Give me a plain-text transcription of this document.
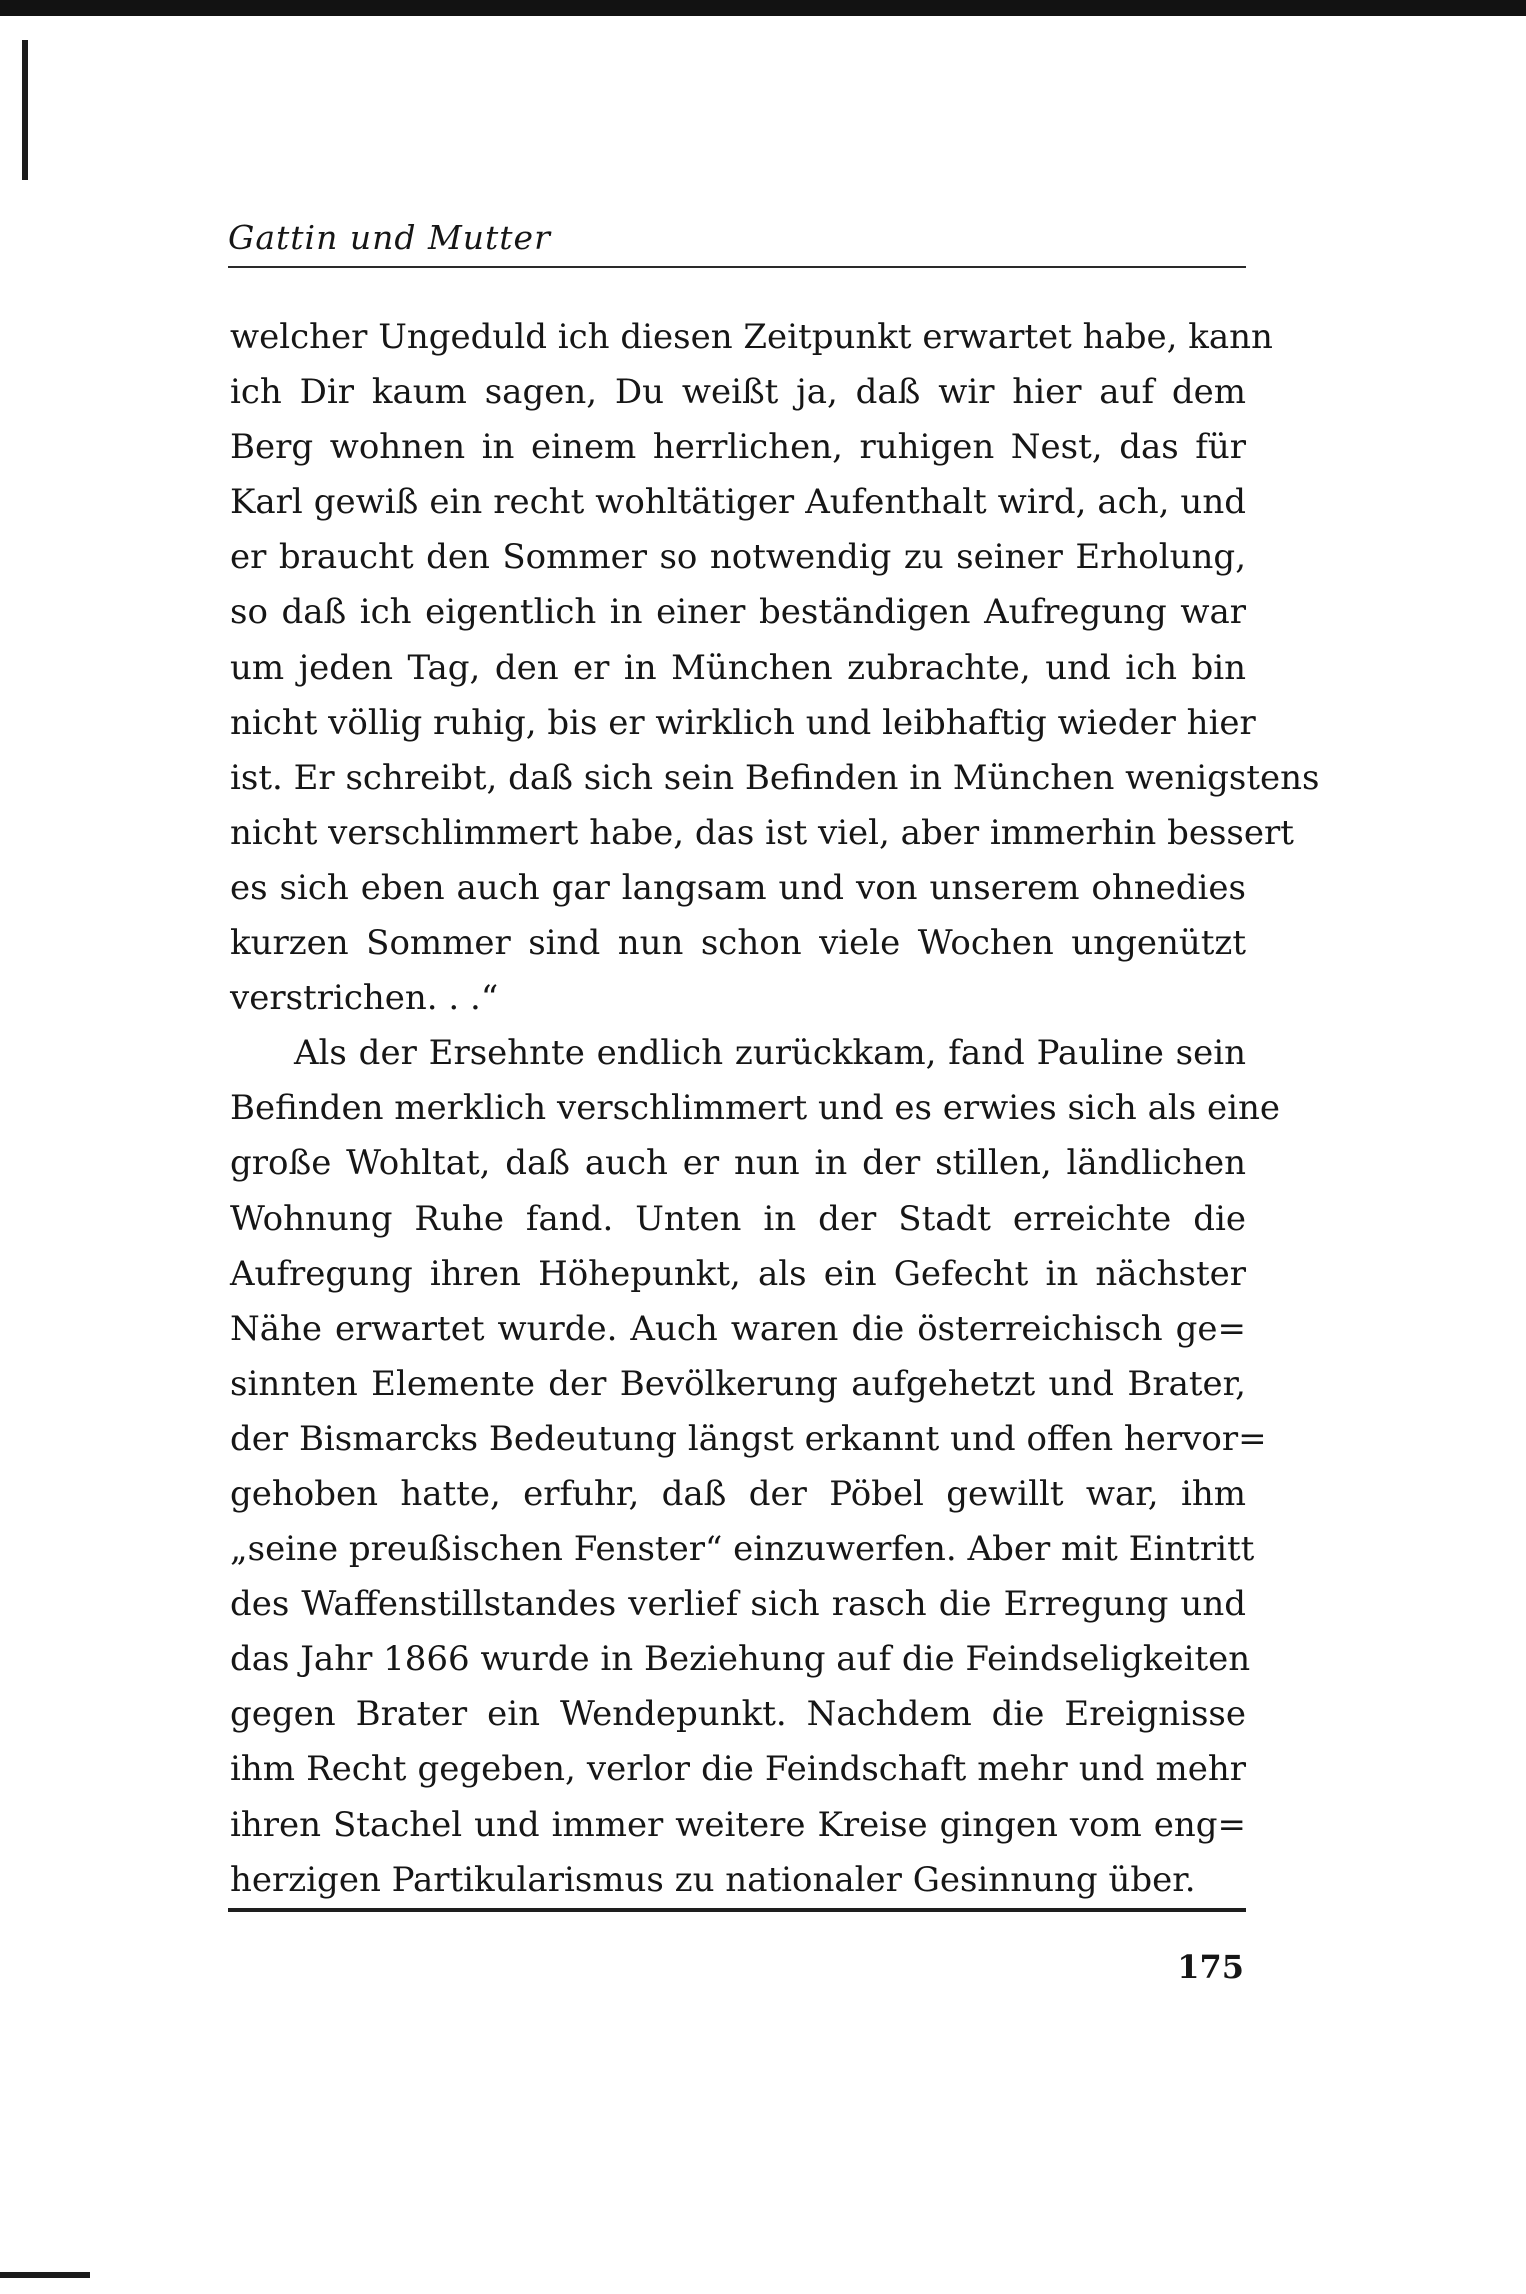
Gattin und Mutter
welcher Ungeduld ich diesen Zeitpunkt erwartet habe, kann
ich Dir kaum sagen, Du weißt ja, daß wir hier auf dem
Berg wohnen in einem herrlichen, ruhigen Nest, das für
Karl gewiß ein recht wohltätiger Aufenthalt wird, ach, und
er braucht den Sommer so notwendig zu seiner Erholung,
so daß ich eigentlich in einer beständigen Aufregung war
um jeden Tag, den er in München zubrachte, und ich bin
nicht völlig ruhig, bis er wirklich und leibhaftig wieder hier
ist. Er schreibt, daß sich sein Befinden in München wenigstens
nicht verschlimmert habe, das ist viel, aber immerhin bessert
es sich eben auch gar langsam und von unserem ohnedies
kurzen Sommer sind nun schon viele Wochen ungenützt
verstrichen. . .“
Als der Ersehnte endlich zurückkam, fand Pauline sein
Befinden merklich verschlimmert und es erwies sich als eine
große Wohltat, daß auch er nun in der stillen, ländlichen
Wohnung Ruhe fand. Unten in der Stadt erreichte die
Aufregung ihren Höhepunkt, als ein Gefecht in nächster
Nähe erwartet wurde. Auch waren die österreichisch ge=
sinnten Elemente der Bevölkerung aufgehetzt und Brater,
der Bismarcks Bedeutung längst erkannt und offen hervor=
gehoben hatte, erfuhr, daß der Pöbel gewillt war, ihm
„seine preußischen Fenster“ einzuwerfen. Aber mit Eintritt
des Waffenstillstandes verlief sich rasch die Erregung und
das Jahr 1866 wurde in Beziehung auf die Feindseligkeiten
gegen Brater ein Wendepunkt. Nachdem die Ereignisse
ihm Recht gegeben, verlor die Feindschaft mehr und mehr
ihren Stachel und immer weitere Kreise gingen vom eng=
herzigen Partikularismus zu nationaler Gesinnung über.
175
